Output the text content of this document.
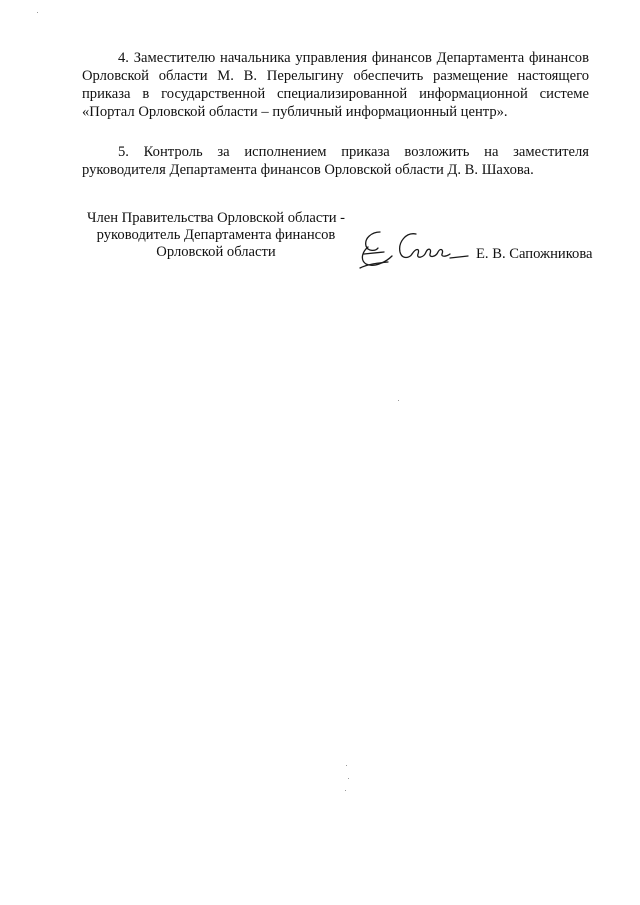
4. Заместителю начальника управления финансов Департамента финансов Орловской области М. В. Перелыгину обеспечить размещение настоящего приказа в государственной специализированной информационной системе «Портал Орловской области – публичный информационный центр».

5. Контроль за исполнением приказа возложить на заместителя руководителя Департамента финансов Орловской области Д. В. Шахова.

Член Правительства Орловской области -
руководитель Департамента финансов
Орловской области	Е. В. Сапожникова
